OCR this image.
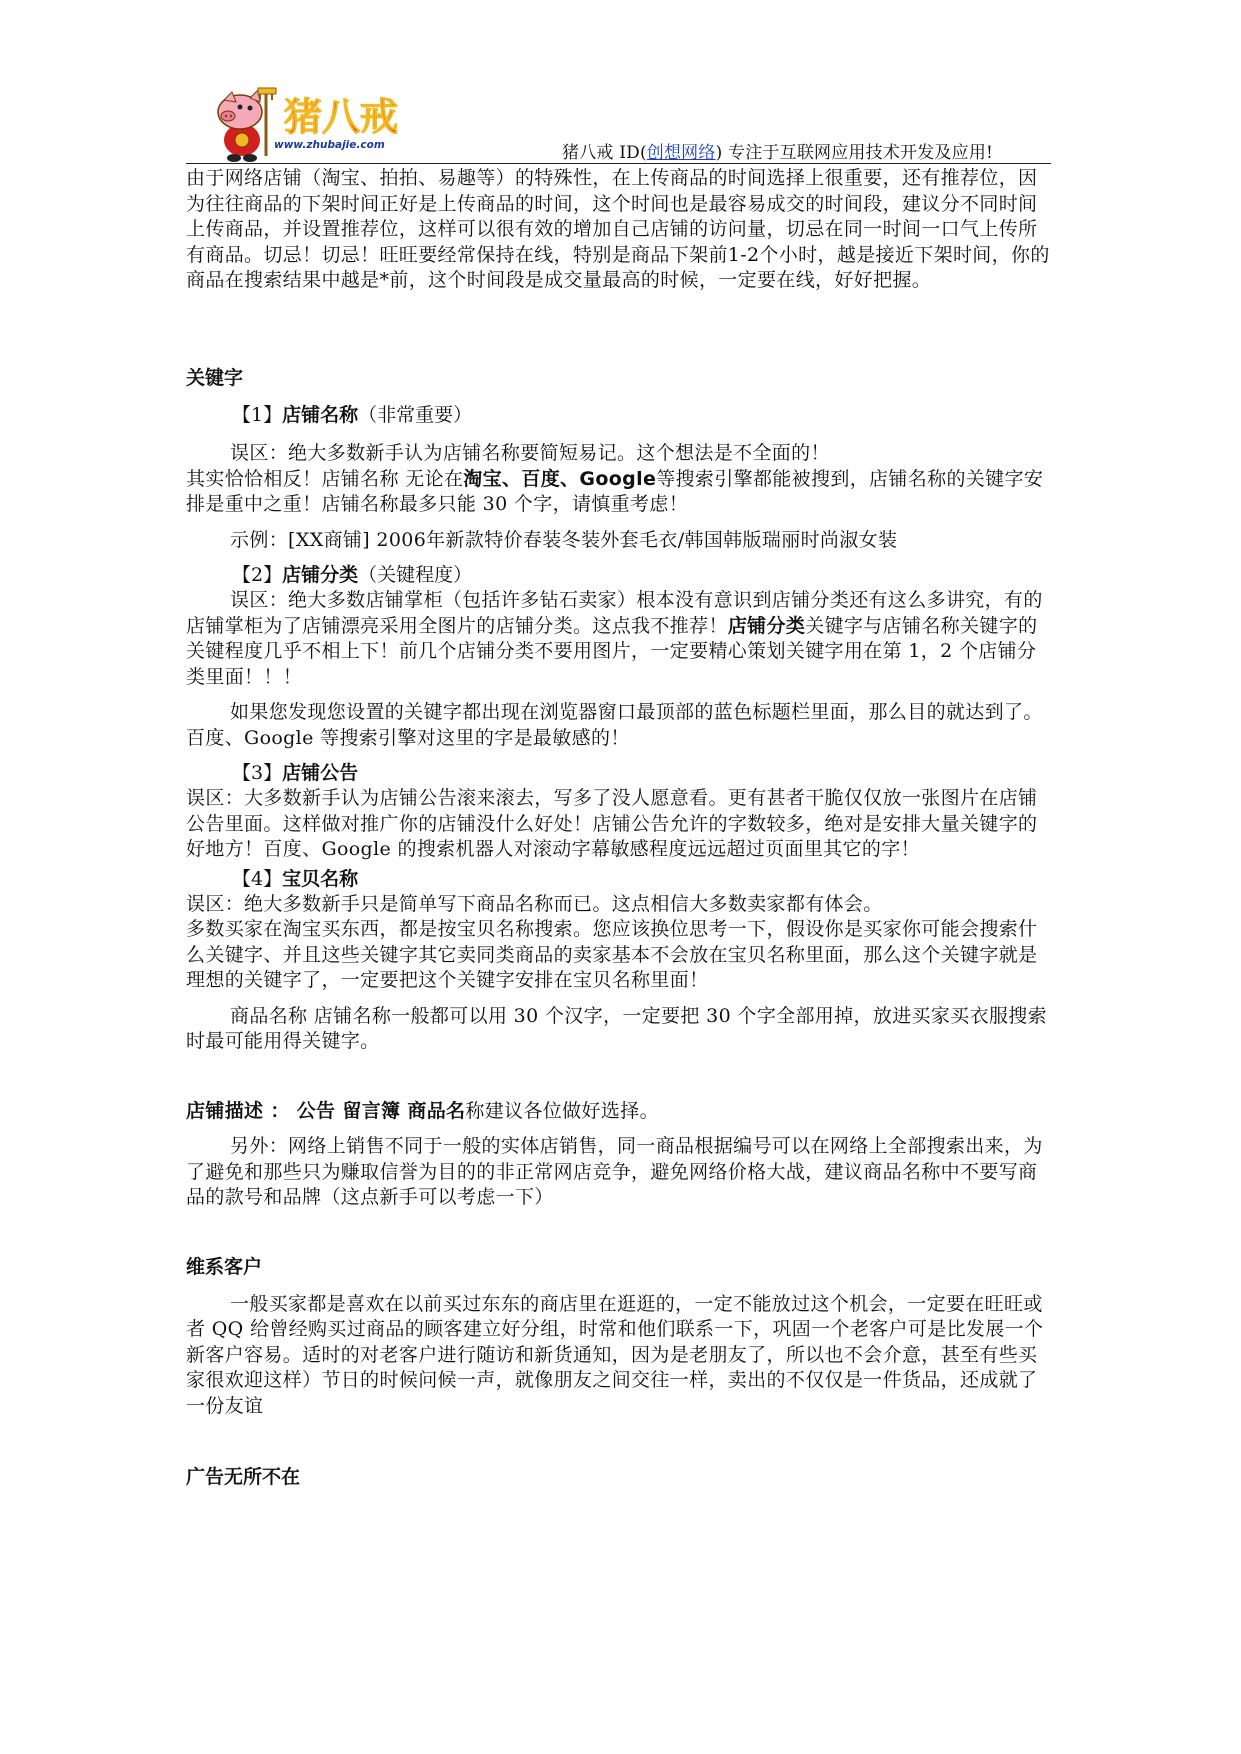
猪八戒
www.zhubajie.com	猪八戒 ID(创想网络) 专注于互联网应用技术开发及应用!

由于网络店铺（淘宝、拍拍、易趣等）的特殊性，在上传商品的时间选择上很重要，还有推荐位，因为往往商品的下架时间正好是上传商品的时间，这个时间也是最容易成交的时间段，建议分不同时间上传商品，并设置推荐位，这样可以很有效的增加自己店铺的访问量，切忌在同一时间一口气上传所有商品。切忌！切忌！旺旺要经常保持在线，特别是商品下架前1-2个小时，越是接近下架时间，你的商品在搜索结果中越是*前，这个时间段是成交量最高的时候，一定要在线，好好把握。

关键字

【1】店铺名称（非常重要）

误区：绝大多数新手认为店铺名称要简短易记。这个想法是不全面的！

其实恰恰相反！店铺名称 无论在淘宝、百度、Google等搜索引擎都能被搜到，店铺名称的关键字安排是重中之重！店铺名称最多只能 30 个字，请慎重考虑！

示例：[XX商铺] 2006年新款特价春装冬装外套毛衣/韩国韩版瑞丽时尚淑女装

【2】店铺分类（关键程度）

误区：绝大多数店铺掌柜（包括许多钻石卖家）根本没有意识到店铺分类还有这么多讲究，有的店铺掌柜为了店铺漂亮采用全图片的店铺分类。这点我不推荐！店铺分类关键字与店铺名称关键字的关键程度几乎不相上下！前几个店铺分类不要用图片，一定要精心策划关键字用在第 1，2 个店铺分类里面！！！

如果您发现您设置的关键字都出现在浏览器窗口最顶部的蓝色标题栏里面，那么目的就达到了。百度、Google 等搜索引擎对这里的字是最敏感的！

【3】店铺公告

误区：大多数新手认为店铺公告滚来滚去，写多了没人愿意看。更有甚者干脆仅仅放一张图片在店铺公告里面。这样做对推广你的店铺没什么好处！店铺公告允许的字数较多，绝对是安排大量关键字的好地方！百度、Google 的搜索机器人对滚动字幕敏感程度远远超过页面里其它的字！

【4】宝贝名称

误区：绝大多数新手只是简单写下商品名称而已。这点相信大多数卖家都有体会。

多数买家在淘宝买东西，都是按宝贝名称搜索。您应该换位思考一下，假设你是买家你可能会搜索什么关键字、并且这些关键字其它卖同类商品的卖家基本不会放在宝贝名称里面，那么这个关键字就是理想的关键字了，一定要把这个关键字安排在宝贝名称里面！

商品名称 店铺名称一般都可以用 30 个汉字，一定要把 30 个字全部用掉，放进买家买衣服搜索时最可能用得关键字。

店铺描述 ： 公告 留言簿 商品名称建议各位做好选择。

另外：网络上销售不同于一般的实体店销售，同一商品根据编号可以在网络上全部搜索出来，为了避免和那些只为赚取信誉为目的的非正常网店竞争，避免网络价格大战，建议商品名称中不要写商品的款号和品牌（这点新手可以考虑一下）

维系客户

一般买家都是喜欢在以前买过东东的商店里在逛逛的，一定不能放过这个机会，一定要在旺旺或者 QQ 给曾经购买过商品的顾客建立好分组，时常和他们联系一下，巩固一个老客户可是比发展一个新客户容易。适时的对老客户进行随访和新货通知，因为是老朋友了，所以也不会介意，甚至有些买家很欢迎这样）节日的时候问候一声，就像朋友之间交往一样，卖出的不仅仅是一件货品，还成就了一份友谊

广告无所不在
